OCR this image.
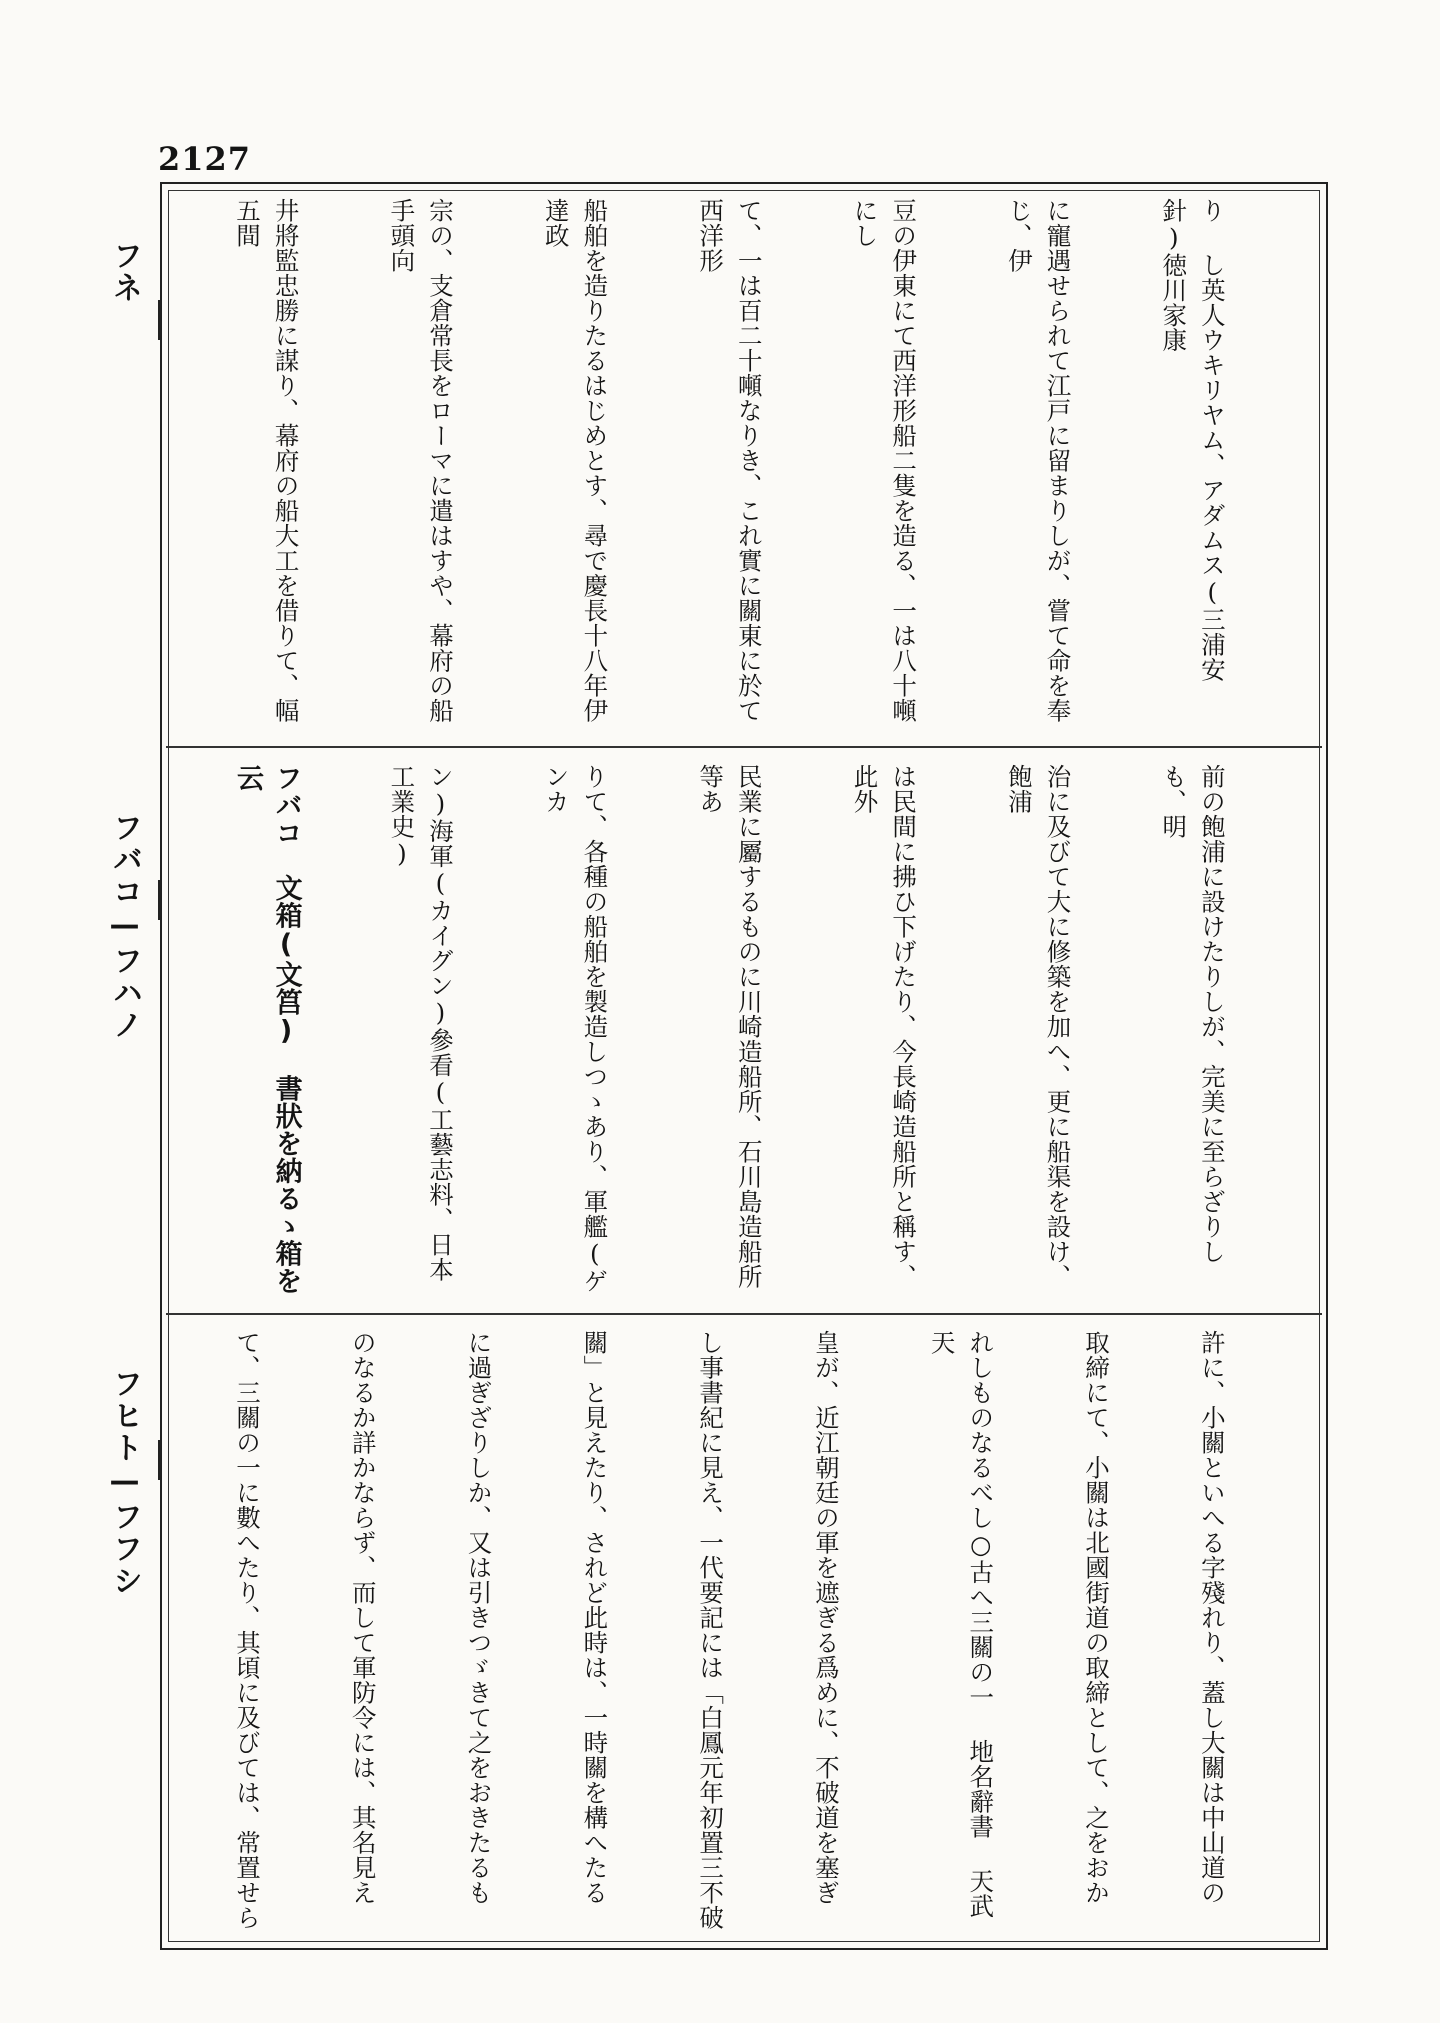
2127
フネ
フバコ—フハノ
フヒト—フフシ

り し英人ウキリヤム、アダムス(三浦安針)徳川家康

に寵遇せられて江戸に留まりしが、嘗て命を奉じ、伊

豆の伊東にて西洋形船二隻を造る、一は八十噸にし

て、一は百二十噸なりき、これ實に關東に於て西洋形

船舶を造りたるはじめとす、尋で慶長十八年伊達政

宗の、支倉常長をローマに遣はすや、幕府の船手頭向

井將監忠勝に謀り、幕府の船大工を借りて、幅五間

前の飽浦に設けたりしが、完美に至らざりしも、明

治に及びて大に修築を加へ、更に船渠を設け、飽浦

は民間に拂ひ下げたり、今長崎造船所と稱す、此外

民業に屬するものに川崎造船所、石川島造船所等あ

りて、各種の船舶を製造しつゝあり、軍艦(ゲンカ

ン)海軍(カイグン)參看(工藝志料、日本工業史)

フバコ　文箱(文筥)　書狀を納るゝ箱を云

許に、小關といへる字殘れり、蓋し大關は中山道の

取締にて、小關は北國街道の取締として、之をおか

れしものなるべし○古へ三關の一 地名辭書 天武天

皇が、近江朝廷の軍を遮ぎる爲めに、不破道を塞ぎ

し事書紀に見え、一代要記には「白鳳元年初置三不破

關」と見えたり、されど此時は、一時關を構へたる

に過ぎざりしか、又は引きつゞきて之をおきたるも

のなるか詳かならず、而して軍防令には、其名見え

て、三關の一に數へたり、其頃に及びては、常置せら
